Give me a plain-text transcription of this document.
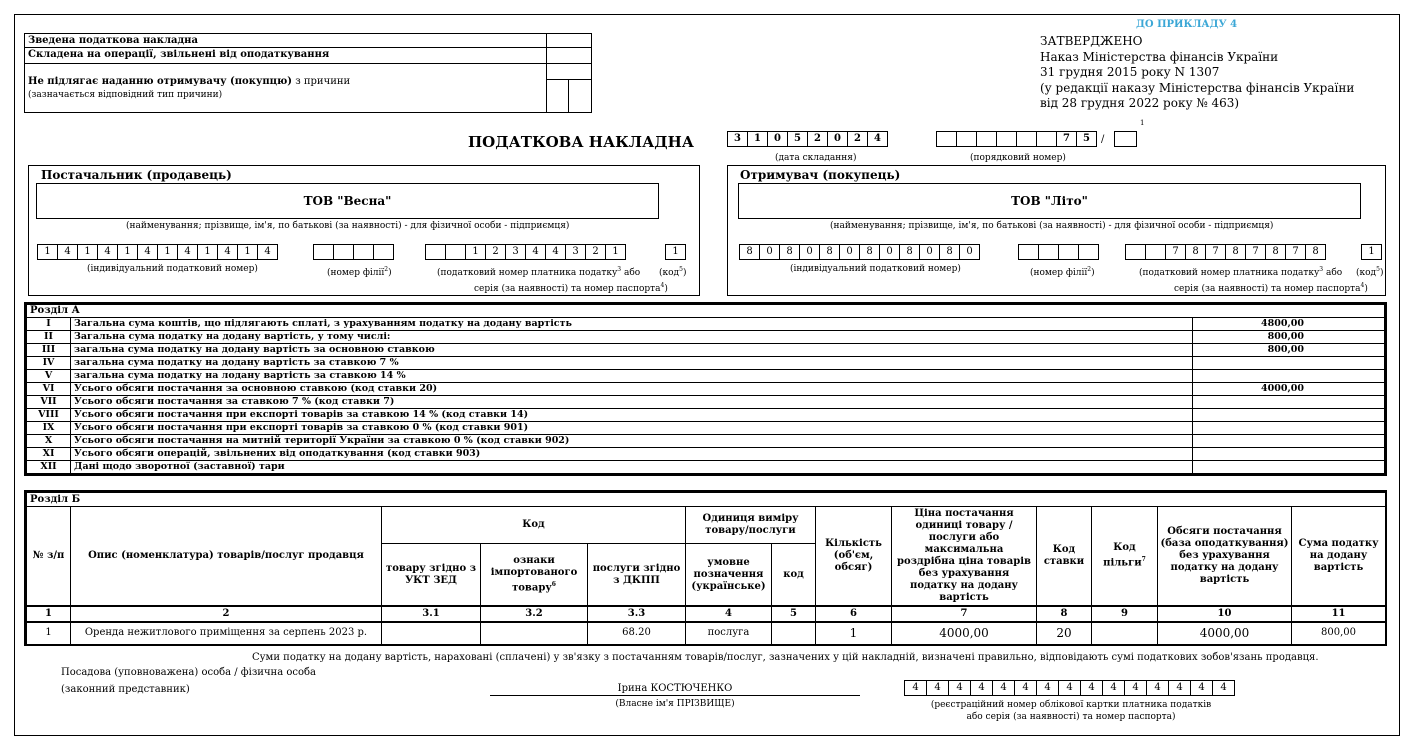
Зведена податкова накладна
Складена на операції, звільнені від оподаткування
Не підлягає наданню отримувачу (покупцю) з причини
(зазначається відповідний тип причини)
ДО ПРИКЛАДУ 4
ЗАТВЕРДЖЕНО
Наказ Міністерства фінансів України
31 грудня 2015 року N 1307
(у редакції наказу Міністерства фінансів України
від 28 грудня 2022 року № 463)
ПОДАТКОВА НАКЛАДНА	3	1	0	5	2	0	2	4
(дата складання)
7	5	/
1
(порядковий номер)
Постачальник (продавець)
ТОВ "Весна"
(найменування; прізвище, ім'я, по батькові (за наявності) - для фізичної особи - підприємця)
1	4	1	4	1	4	1	4	1	4	1	4
(індивідуальний податковий номер)	(номер філії$^2$)
1	2	3	4	4	3	2	1
(податковий номер платника податку$^3$ або
серія (за наявності) та номер паспорта$^4$)
1
(код$^5$)
Отримувач (покупець)
ТОВ "Літо"
(найменування; прізвище, ім'я, по батькові (за наявності) - для фізичної особи - підприємця)
8	0	8	0	8	0	8	0	8	0	8	0
(індивідуальний податковий номер)	(номер філії$^2$)
7	8	7	8	7	8	7	8
(податковий номер платника податку$^3$ або
серія (за наявності) та номер паспорта$^4$)
1
(код$^5$)
Розділ А		
I	Загальна сума коштів, що підлягають сплаті, з урахуванням податку на додану вартість	4800,00
II	Загальна сума податку на додану вартість, у тому числі:	800,00
III	загальна сума податку на додану вартість за основною ставкою	800,00
IV	загальна сума податку на додану вартість за ставкою 7 %	
V	загальна сума податку на лодану вартість за ставкою 14 %	
VI	Усього обсяги постачання за основною ставкою (код ставки 20)	4000,00
VII	Усього обсяги постачання за ставкою 7 % (код ставки 7)	
VIII	Усього обсяги постачання при експорті товарів за ставкою 14 % (код ставки 14)	
IX	Усього обсяги постачання при експорті товарів за ставкою 0 % (код ставки 901)	
X	Усього обсяги постачання на митній території України за ставкою 0 % (код ставки 902)	
XI	Усього обсяги операцій, звільнених від оподаткування (код ставки 903)	
XII	Дані щодо зворотної (заставної) тари	
Розділ Б												
№ з/п	Опис (номенклатура) товарів/послуг продавця	Код			Одиниця виміру товару/послуги		Кількість (об'єм, обсяг)	Ціна постачання одиниці товару / послуги або максимальна роздрібна ціна товарів без урахування податку на додану вартість	Код ставки	Код пільги$^7$	Обсяги постачання (база оподаткування) без урахування податку на додану вартість	Сума податку на додану вартість
		товару згідно з УКТ ЗЕД	ознаки імпортованого товару$^6$	послуги згідно з ДКПП	умовне позначення (українське)	код						
1	2	3.1	3.2	3.3	4	5	6	7	8	9	10	11
1	Оренда нежитлового приміщення за серпень 2023 р.			68.20	послуга		1	4000,00	20		4000,00	800,00
Суми податку на додану вартість, нараховані (сплачені) у зв'язку з постачанням товарів/послуг, зазначених у цій накладній, визначені правильно, відповідають сумі податкових зобов'язань продавця.
Посадова (уповноважена) особа / фізична особа
(законний представник)	Ірина КОСТЮЧЕНКО
(Власне ім'я ПРІЗВИЩЕ)
4	4	4	4	4	4	4	4	4	4	4	4	4	4	4
(реєстраційний номер облікової картки платника податків
або серія (за наявності) та номер паспорта)
